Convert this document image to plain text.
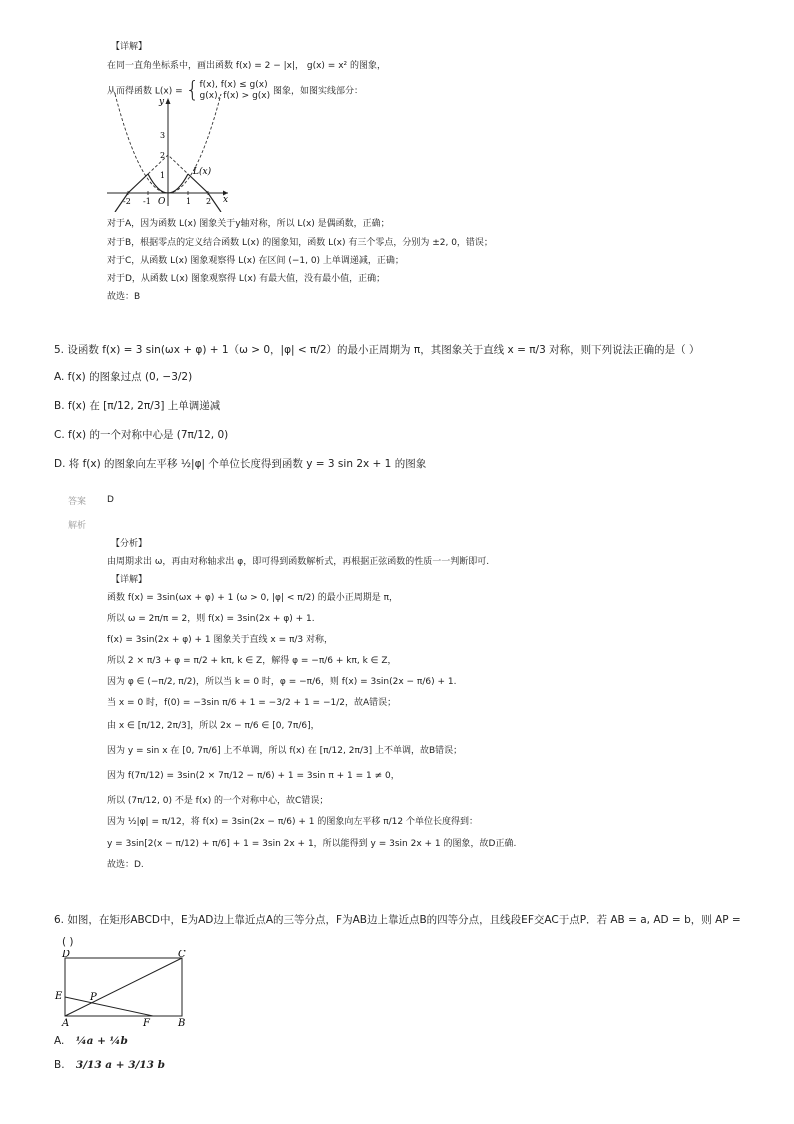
【详解】
在同一直角坐标系中，画出函数 f(x) = 2 − |x|， g(x) = x² 的图象，
从而得函数 L(x) = { f(x), f(x) ≤ g(x)
g(x), f(x) > g(x) 图象，如图实线部分：
y
x
L(x)
O
-2 -1	1 2
1
2
3
对于A，因为函数 L(x) 图象关于y轴对称，所以 L(x) 是偶函数，正确；
对于B，根据零点的定义结合函数 L(x) 的图象知，函数 L(x) 有三个零点，分别为 ±2, 0，错误；
对于C，从函数 L(x) 图象观察得 L(x) 在区间 (−1, 0) 上单调递减，正确；
对于D，从函数 L(x) 图象观察得 L(x) 有最大值，没有最小值，正确；
故选：B
5. 设函数 f(x) = 3 sin(ωx + φ) + 1（ω > 0，|φ| < π/2）的最小正周期为 π，其图象关于直线 x = π/3 对称，则下列说法正确的是（ ）
A. f(x) 的图象过点 (0, −3/2)
B. f(x) 在 [π/12, 2π/3] 上单调递减
C. f(x) 的一个对称中心是 (7π/12, 0)
D. 将 f(x) 的图象向左平移 ½|φ| 个单位长度得到函数 y = 3 sin 2x + 1 的图象
答案 D
解析
【分析】
由周期求出 ω，再由对称轴求出 φ，即可得到函数解析式，再根据正弦函数的性质一一判断即可.
【详解】
函数 f(x) = 3sin(ωx + φ) + 1 (ω > 0, |φ| < π/2) 的最小正周期是 π，
所以 ω = 2π/π = 2，则 f(x) = 3sin(2x + φ) + 1.
f(x) = 3sin(2x + φ) + 1 图象关于直线 x = π/3 对称，
所以 2 × π/3 + φ = π/2 + kπ, k ∈ Z，解得 φ = −π/6 + kπ, k ∈ Z，
因为 φ ∈ (−π/2, π/2)，所以当 k = 0 时，φ = −π/6，则 f(x) = 3sin(2x − π/6) + 1.
当 x = 0 时，f(0) = −3sin π/6 + 1 = −3/2 + 1 = −1/2，故A错误；
由 x ∈ [π/12, 2π/3]，所以 2x − π/6 ∈ [0, 7π/6]，
因为 y = sin x 在 [0, 7π/6] 上不单调，所以 f(x) 在 [π/12, 2π/3] 上不单调，故B错误；
因为 f(7π/12) = 3sin(2 × 7π/12 − π/6) + 1 = 3sin π + 1 = 1 ≠ 0，
所以 (7π/12, 0) 不是 f(x) 的一个对称中心，故C错误；
因为 ½|φ| = π/12，将 f(x) = 3sin(2x − π/6) + 1 的图象向左平移 π/12 个单位长度得到：
y = 3sin[2(x − π/12) + π/6] + 1 = 3sin 2x + 1，所以能得到 y = 3sin 2x + 1 的图象，故D正确.
故选：D.
6. 如图，在矩形ABCD中，E为AD边上靠近点A的三等分点，F为AB边上靠近点B的四等分点，且线段EF交AC于点P．若 AB = a, AD = b，则 AP =
( )
D	C
E	P
A	F	B
A. ¼a + ¼b
B. 3/13 a + 3/13 b
